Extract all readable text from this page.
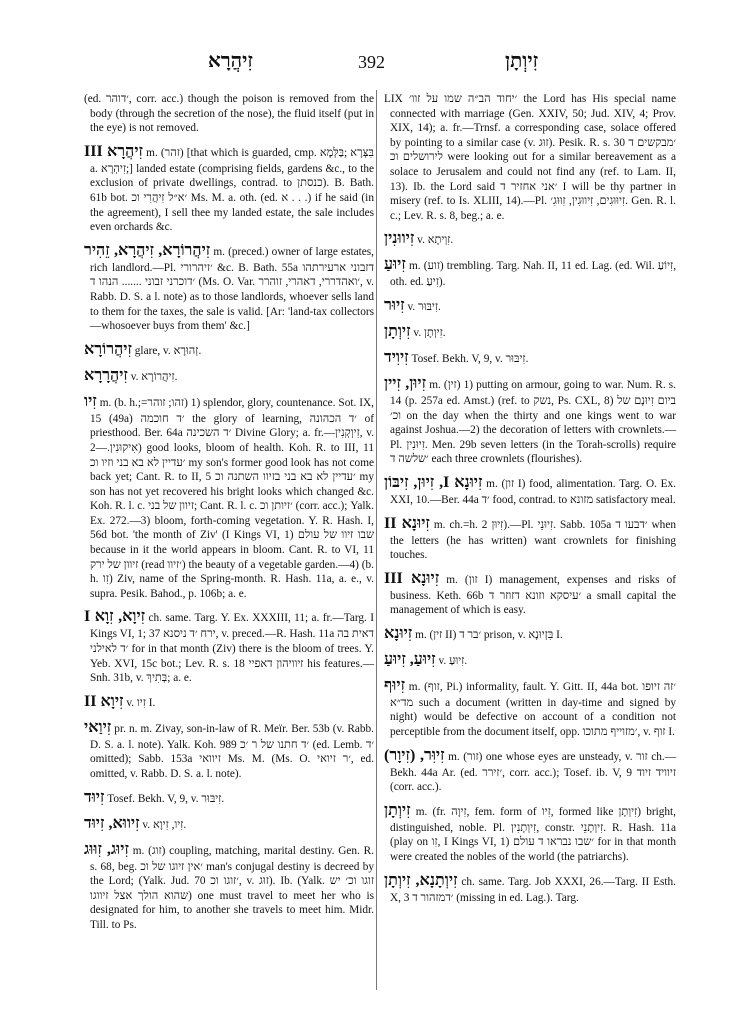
זִיהֲרָא	392	זִיוְתָן

(ed. ׳דוהר, corr. acc.) though the poison is removed from the body (through the secretion of the nose), the fluid itself (put in the eye) is not removed.

זִיהֲרָא III m. (זהר) [that which is guarded, cmp. בִּצְּרָא ;בַּלְּמָא a. זִיהְרָא;] landed estate (comprising fields, gardens &c., to the exclusion of private dwellings, contrad. to כנסתן). B. Bath. 61b bot. ׳א״ל זִיהֲרִי וכ Ms. M. a. oth. (ed. א . . .) if he said (in the agreement), I sell thee my landed estate, the sale includes even orchards &c.

זִיהֲרוֹרָא, זִיהֲרָא, זֵהִיר m. (preced.) owner of large estates, rich landlord.—Pl. ׳זיהרורי &c. B. Bath. 55a דזבוני ארעירתהו ׳דוכרני זבוני ....... הנהו ד (Ms. O. Var. ׳ואהדררי, דאהרי, זוהרר, v. Rabb. D. S. a l. note) as to those landlords, whoever sells land to them for the taxes, the sale is valid. [Ar: 'land-tax collectors—whosoever buys from them' &c.]

זִיהֲרוֹרָא glare, v. זְהוּרָא.

זִיהֲרָרָא v. זִיהֲרוֹרָא.

זִיו m. (b. h.;=זהו; זוהר) 1) splendor, glory, countenance. Sot. IX, 15 (49a) ׳ד חוכמה the glory of learning, ׳ד הכהונה of priesthood. Ber. 64a ׳ד השכינה Divine Glory; a. fr.—זִיוְקְנִין, v. אִיקוּנִין.—2) good looks, bloom of health. Koh. R. to III, 11 ׳עדיין לא בא בני וזיו וכ my son's former good look has not come back yet; Cant. R. to II, 5 ׳עדיין לא בא בני בזיוו השתנה וכ my son has not yet recovered his bright looks which changed &c. Koh. R. l. c. זיוון של בני; Cant. R. l. c. ׳זיותן וכ (corr. acc.); Yalk. Ex. 272.—3) bloom, forth-coming vegetation. Y. R. Hash. I, 56d bot. 'the month of Ziv' (I Kings VI, 1) שבו זיוו של עולם because in it the world appears in bloom. Cant. R. to VI, 11 זיוון של ירק (read ׳זיוו) the beauty of a vegetable garden.—4) (b. h. זִו) Ziv, name of the Spring-month. R. Hash. 11a, a. e., v. supra. Pesik. Bahod., p. 106b; a. e.

זִיוָא, זִוָא I ch. same. Targ. Y. Ex. XXXIII, 11; a. fr.—Targ. I Kings VI, 1; 37 ירח ׳ד ניסנא, v. preced.—R. Hash. 11a דאית בה ׳ד לאילני for in that month (Ziv) there is the bloom of trees. Y. Yeb. XVI, 15c bot.; Lev. R. s. 18 זיוויהון דאפיי his features.—Snh. 31b, v. בְּתִיךְ; a. e.

זִיוָא II v. זִיו I.

זִיוַאי pr. n. m. Zivay, son-in-law of R. Meïr. Ber. 53b (v. Rabb. D. S. a. l. note). Yalk. Koh. 989 ׳ד חתנו של ר ׳כ (ed. Lemb. ׳ד omitted); Sabb. 153a זיוואי Ms. M. (Ms. O. ׳ר זיואי, ed. omitted, v. Rabb. D. S. a. l. note).

זִיוּד Tosef. Bekh. V, 9, v. זִיבּוּר.

זִיווּא, זִיוּד v. זִיו, זִיוָא.

זִיוּג, זִוּוּג m. (זוג) coupling, matching, marital destiny. Gen. R. s. 68, beg. ׳אין זיוגו של וכ man's conjugal destiny is decreed by the Lord; (Yalk. Jud. 70 ׳זוגו וכ, v. זוּג). Ib. (Yalk. זוגו וכ׳ יש שהוא הולך אצל זיווגו) one must travel to meet her who is designated for him, to another she travels to meet him. Midr. Till. to Ps.

LIX ׳יחוד הב״ה שמו על זוו׳ the Lord has His special name connected with marriage (Gen. XXIV, 50; Jud. XIV, 4; Prov. XIX, 14); a. fr.—Trnsf. a corresponding case, solace offered by pointing to a similar case (v. זוּג). Pesik. R. s. 30 ׳מבקשים ד לירושלים וכ were looking out for a similar bereavement as a solace to Jerusalem and could not find any (ref. to Lam. II, 13). Ib. the Lord said ׳אני אחזיר ד I will be thy partner in misery (ref. to Is. XLIII, 14).—Pl. זִיוּוּגִים, זִיווּגִין, זִוּוּגִ׳. Gen. R. l. c.; Lev. R. s. 8, beg.; a. e.

זִיווּנִין v. זִוְיתָא.

זִיוּעַ m. (זוע) trembling. Targ. Nah. II, 11 ed. Lag. (ed. Wil. זִיוֹעַ, oth. ed. זִיעַ).

זִיוּר v. זִיבּוּר.

זִיוְתָן v. זִיוְתָן.

זִיוִיד Tosef. Bekh. V, 9, v. זִיבּוּר.

זִיוּן, זִיין m. (זין) 1) putting on armour, going to war. Num. R. s. 14 (p. 257a ed. Amst.) (ref. to נשק, Ps. CXL, 8) ביום זִיוּנָם של וכ׳ on the day when the thirty and one kings went to war against Joshua.—2) the decoration of letters with crownlets.—Pl. זִיוּנִין. Men. 29b seven letters (in the Torah-scrolls) require ׳שלשה ד each three crownlets (flourishes).

זִיוּנָא I, זִיוּן, זִיבּוֹן m. (זון I) food, alimentation. Targ. O. Ex. XXI, 10.—Ber. 44a ׳ד food, contrad. to מזונא satisfactory meal.

זִיוּנָא II m. ch.=h. זִיוּן 2).—Pl. זִיוּנֵי. Sabb. 105a ׳דבעו ד when the letters (he has written) want crownlets for finishing touches.

זִיוּנָא III m. (זון I) management, expenses and risks of business. Keth. 66b ׳עיסקא וזונא דזוזר ד a small capital the management of which is easy.

זִיוּנָא m. (זין II) ׳בר ד prison, v. בִּזְיוּנָא I.

זִיוּעַ, זִיוּעַ v. זִיוּעַ.

זִיוּף m. (זוף, Pi.) informality, fault. Y. Gitt. II, 44a bot. ׳זה זיופו מד״א such a document (written in day-time and signed by night) would be defective on account of a condition not perceptible from the document itself, opp. ׳מזוייף מתוכו, v. זוף I.

זִיוִּר, (זִיוָר) m. (זור) one whose eyes are unsteady, v. זור ch.—Bekh. 44a Ar. (ed. ׳זירר, corr. acc.); Tosef. ib. V, 9 זיוויד זיוד (corr. acc.).

זִיוְתָן m. (fr. זִיוָה, fem. form of זִיו, formed like זִיוְתָן) bright, distinguished, noble. Pl. זִיוְתָנִין, constr. זִיוְתָנֵי. R. Hash. 11a (play on זִו, I Kings VI, 1) ׳שבו נבראו ד עולם for in that month were created the nobles of the world (the patriarchs).

זִיוְתָנָא, זִיוְתָן ch. same. Targ. Job XXXI, 26.—Targ. II Esth. X, 3 ׳דמזהור ד (missing in ed. Lag.). Targ.
